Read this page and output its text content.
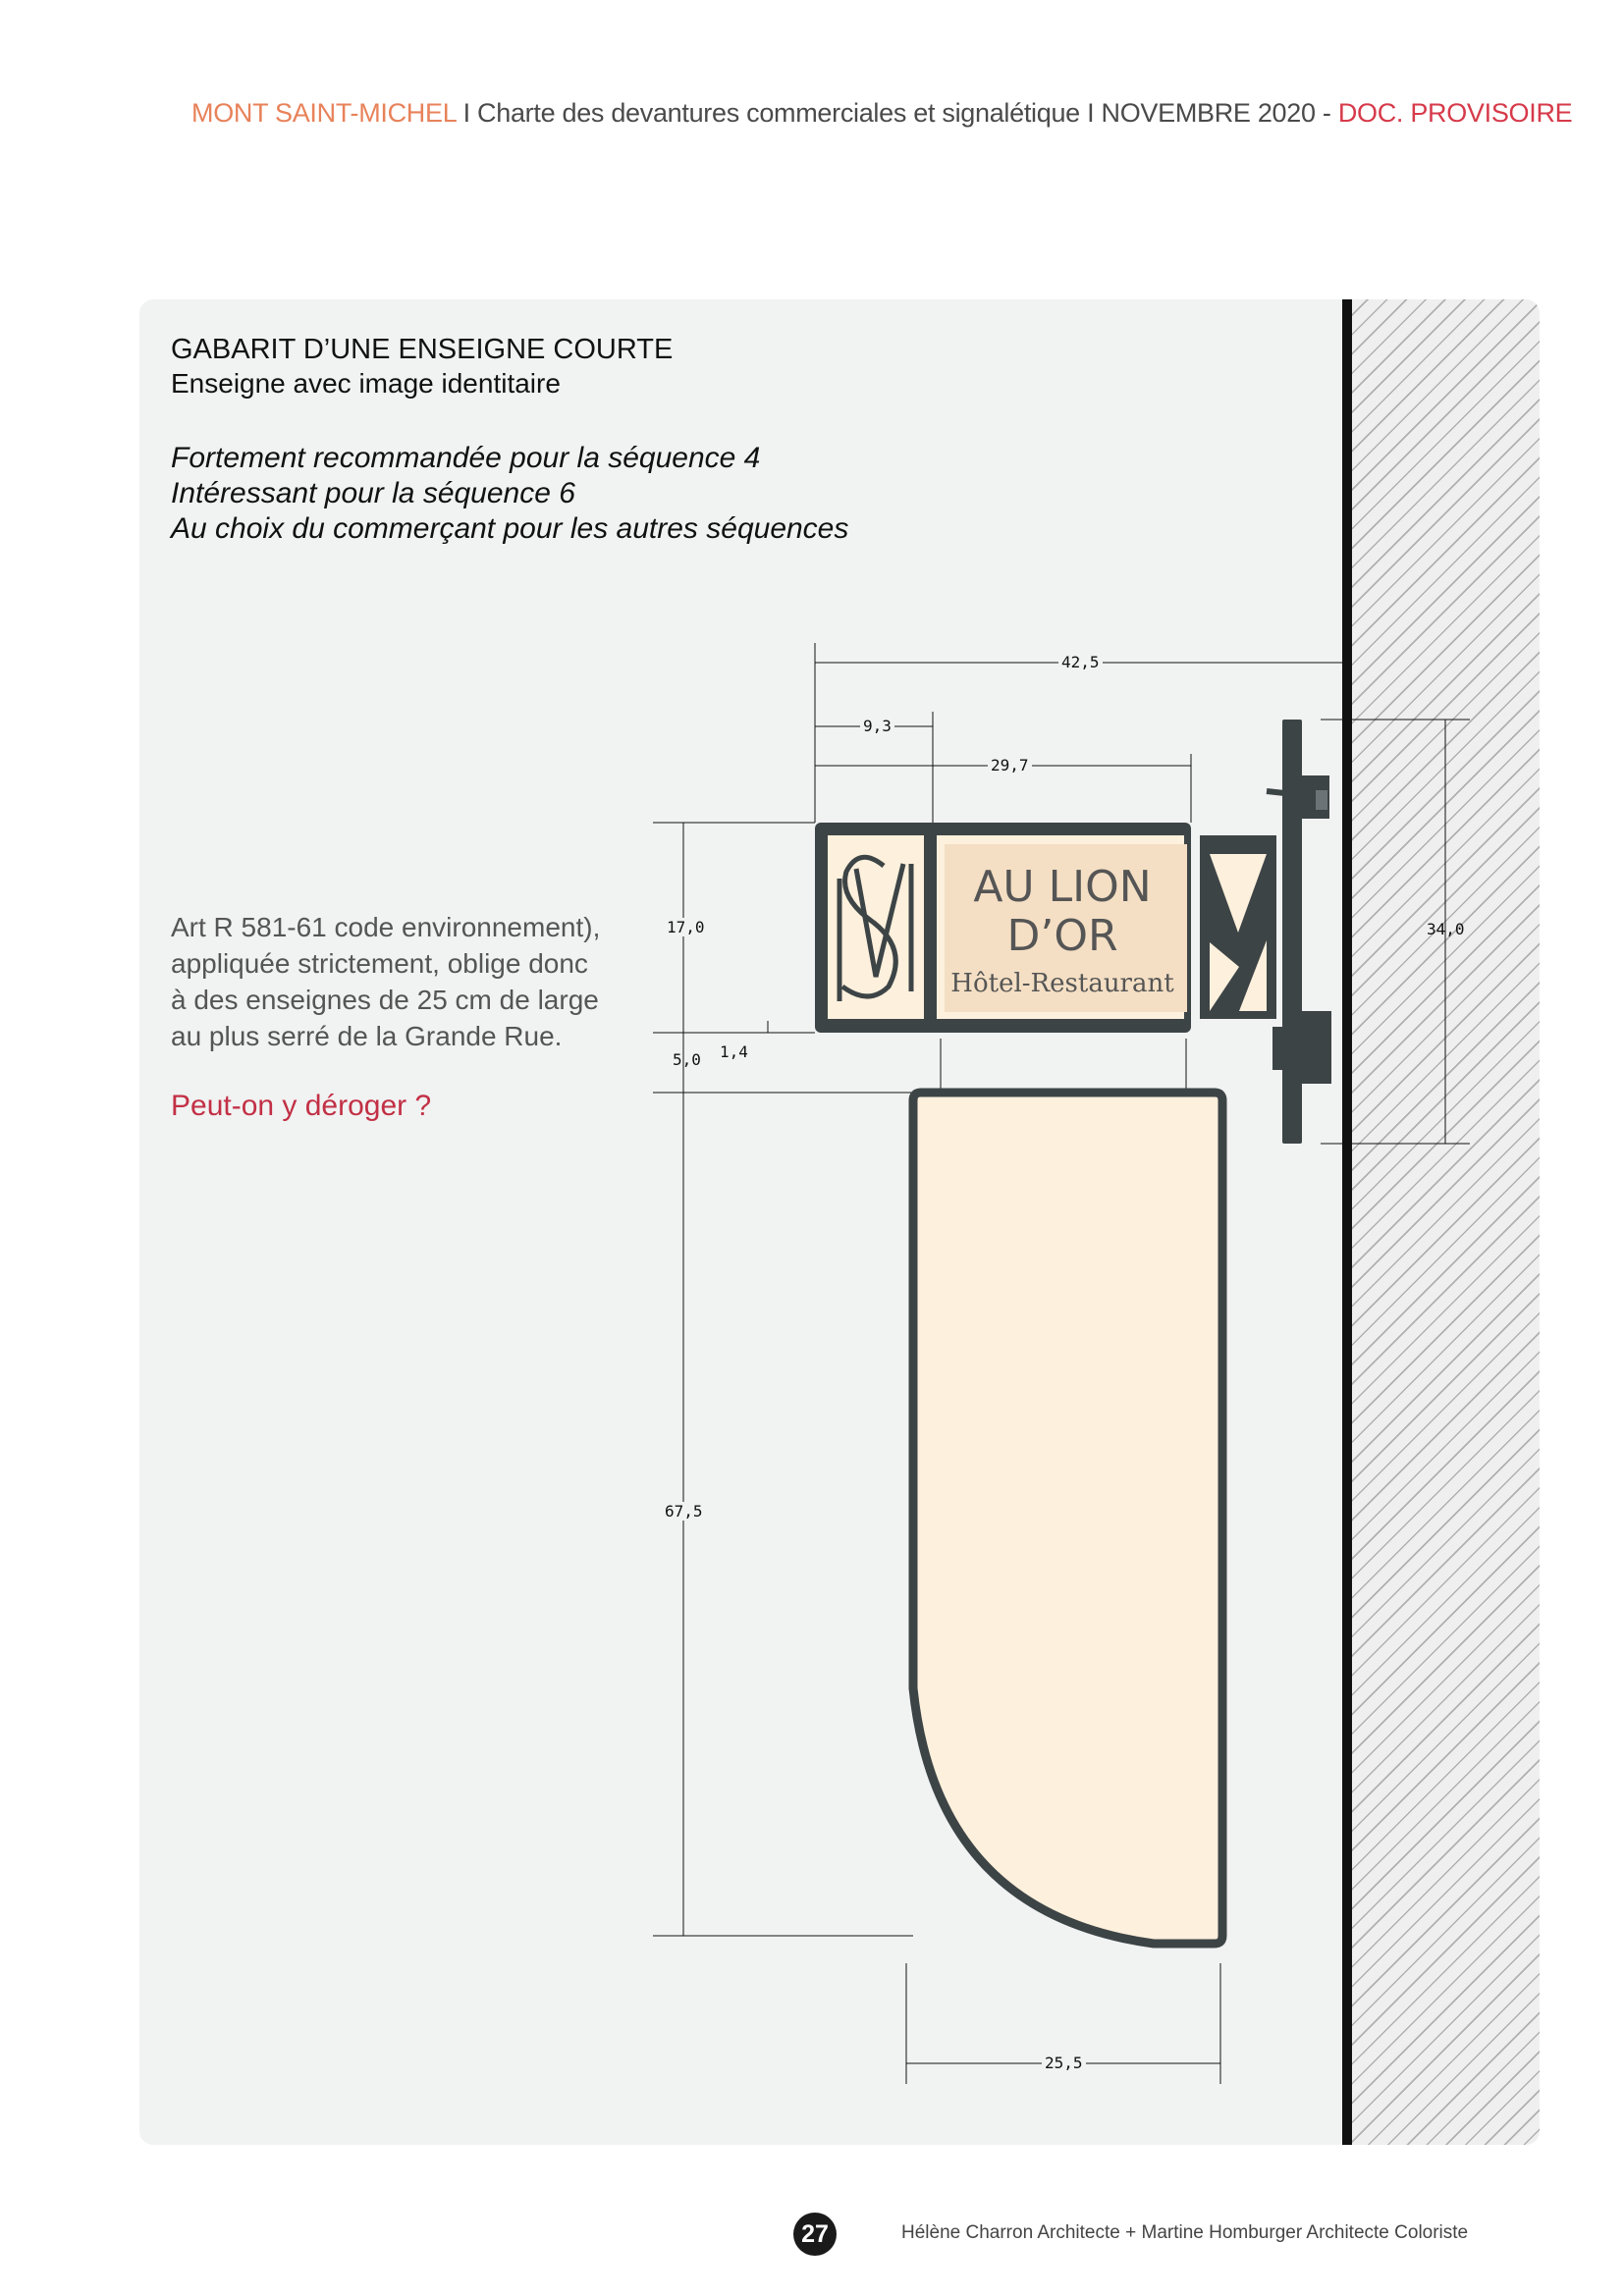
MONT SAINT-MICHEL I Charte des devantures commerciales et signalétique I NOVEMBRE 2020 - DOC. PROVISOIRE
GABARIT D’UNE ENSEIGNE COURTE
Enseigne avec image identitaire
Fortement recommandée pour la séquence 4
Intéressant pour la séquence 6
Au choix du commerçant pour les autres séquences
Art R 581-61 code environnement),
appliquée strictement, oblige donc
à des enseignes de 25 cm de large
au plus serré de la Grande Rue.
Peut-on y déroger ?
AU LION
D’OR
Hôtel-Restaurant
42,5
9,3
29,7
17,0
5,0 1,4
34,0
67,5
25,5
27	Hélène Charron Architecte + Martine Homburger Architecte Coloriste
